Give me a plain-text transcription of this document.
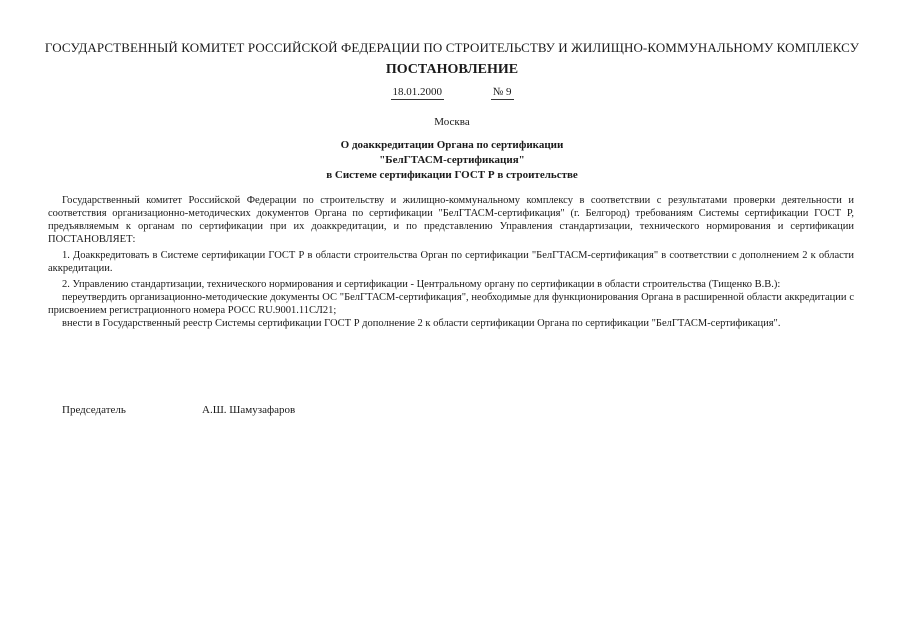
ГОСУДАРСТВЕННЫЙ КОМИТЕТ РОССИЙСКОЙ ФЕДЕРАЦИИ ПО СТРОИТЕЛЬСТВУ И ЖИЛИЩНО-КОММУНАЛЬНОМУ КОМПЛЕКСУ
ПОСТАНОВЛЕНИЕ
18.01.2000	№ 9
Москва
О доаккредитации Органа по сертификации
"БелГТАСМ-сертификация"
в Системе сертификации ГОСТ Р в строительстве

Государственный комитет Российской Федерации по строительству и жилищно-коммунальному комплексу в соответствии с результатами проверки деятельности и соответствия организационно-методических документов Органа по сертификации "БелГТАСМ-сертификация" (г. Белгород) требованиям Системы сертификации ГОСТ Р, предъявляемым к органам по сертификации при их доаккредитации, и по представлению Управления стандартизации, технического нормирования и сертификации ПОСТАНОВЛЯЕТ:

1. Доаккредитовать в Системе сертификации ГОСТ Р в области строительства Орган по сертификации "БелГТАСМ-сертификация" в соответствии с дополнением 2 к области аккредитации.

2. Управлению стандартизации, технического нормирования и сертификации - Центральному органу по сертификации в области строительства (Тищенко В.В.):

переутвердить организационно-методические документы ОС "БелГТАСМ-сертификация", необходимые для функционирования Органа в расширенной области аккредитации с присвоением регистрационного номера РОСС RU.9001.11СЛ21;

внести в Государственный реестр Системы сертификации ГОСТ Р дополнение 2 к области сертификации Органа по сертификации "БелГТАСМ-сертификация".

Председатель	А.Ш. Шамузафаров
